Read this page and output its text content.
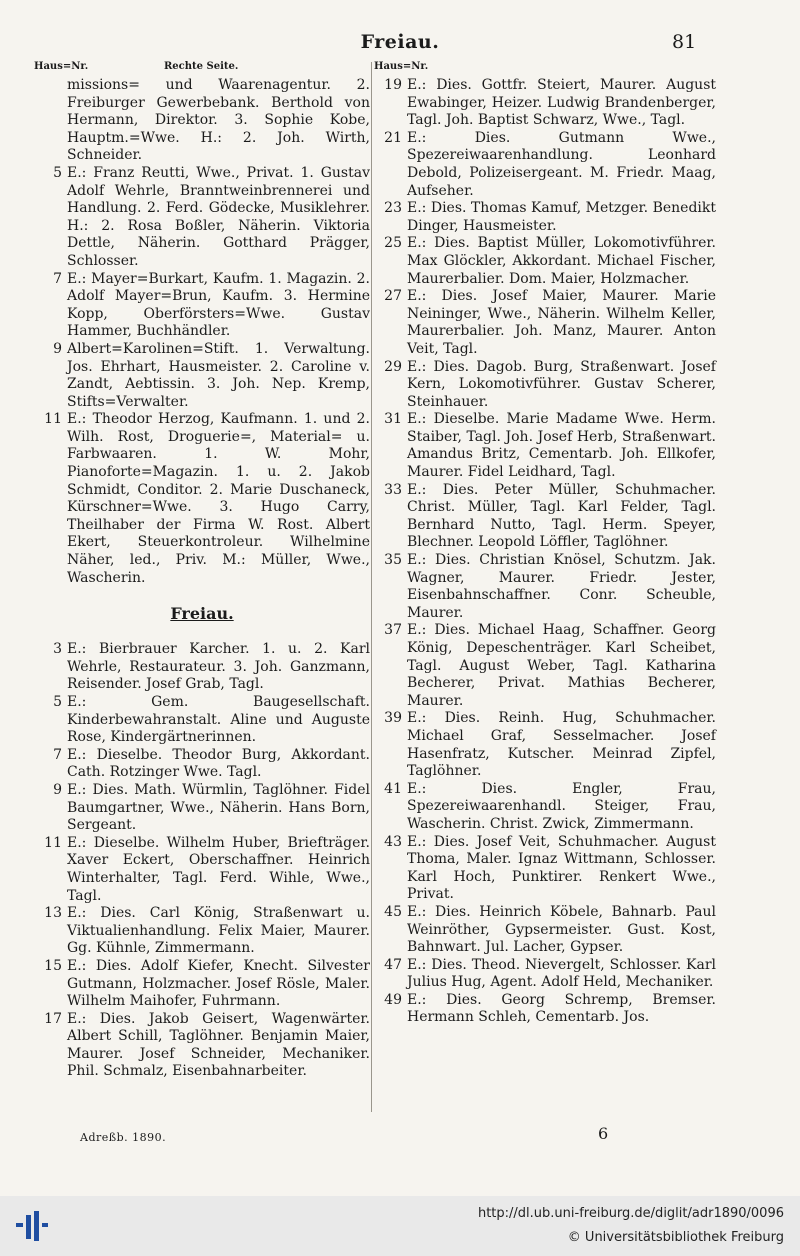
Freiau.	81
Haus=Nr.	Rechte Seite.
missions= und Waarenagentur. 2. Freiburger Gewerbebank. Berthold von Hermann, Direktor. 3. Sophie Kobe, Hauptm.=Wwe. H.: 2. Joh. Wirth, Schneider.
5 E.: Franz Reutti, Wwe., Privat. 1. Gustav Adolf Wehrle, Branntweinbrennerei und Handlung. 2. Ferd. Gödecke, Musiklehrer. H.: 2. Rosa Boßler, Näherin. Viktoria Dettle, Näherin. Gotthard Prägger, Schlosser.
7 E.: Mayer=Burkart, Kaufm. 1. Magazin. 2. Adolf Mayer=Brun, Kaufm. 3. Hermine Kopp, Oberförsters=Wwe. Gustav Hammer, Buchhändler.
9 Albert=Karolinen=Stift. 1. Verwaltung. Jos. Ehrhart, Hausmeister. 2. Caroline v. Zandt, Aebtissin. 3. Joh. Nep. Kremp, Stifts=Verwalter.
11 E.: Theodor Herzog, Kaufmann. 1. und 2. Wilh. Rost, Droguerie=, Material= u. Farbwaaren. 1. W. Mohr, Pianoforte=Magazin. 1. u. 2. Jakob Schmidt, Conditor. 2. Marie Duschaneck, Kürschner=Wwe. 3. Hugo Carry, Theilhaber der Firma W. Rost. Albert Ekert, Steuerkontroleur. Wilhelmine Näher, led., Priv. M.: Müller, Wwe., Wascherin.
Freiau.
3 E.: Bierbrauer Karcher. 1. u. 2. Karl Wehrle, Restaurateur. 3. Joh. Ganzmann, Reisender. Josef Grab, Tagl.
5 E.: Gem. Baugesellschaft. Kinderbewahranstalt. Aline und Auguste Rose, Kindergärtnerinnen.
7 E.: Dieselbe. Theodor Burg, Akkordant. Cath. Rotzinger Wwe. Tagl.
9 E.: Dies. Math. Würmlin, Taglöhner. Fidel Baumgartner, Wwe., Näherin. Hans Born, Sergeant.
11 E.: Dieselbe. Wilhelm Huber, Briefträger. Xaver Eckert, Oberschaffner. Heinrich Winterhalter, Tagl. Ferd. Wihle, Wwe., Tagl.
13 E.: Dies. Carl König, Straßenwart u. Viktualienhandlung. Felix Maier, Maurer. Gg. Kühnle, Zimmermann.
15 E.: Dies. Adolf Kiefer, Knecht. Silvester Gutmann, Holzmacher. Josef Rösle, Maler. Wilhelm Maihofer, Fuhrmann.
17 E.: Dies. Jakob Geisert, Wagenwärter. Albert Schill, Taglöhner. Benjamin Maier, Maurer. Josef Schneider, Mechaniker. Phil. Schmalz, Eisenbahnarbeiter.
Haus=Nr.
19 E.: Dies. Gottfr. Steiert, Maurer. August Ewabinger, Heizer. Ludwig Brandenberger, Tagl. Joh. Baptist Schwarz, Wwe., Tagl.
21 E.: Dies. Gutmann Wwe., Spezereiwaarenhandlung. Leonhard Debold, Polizeisergeant. M. Friedr. Maag, Aufseher.
23 E.: Dies. Thomas Kamuf, Metzger. Benedikt Dinger, Hausmeister.
25 E.: Dies. Baptist Müller, Lokomotivführer. Max Glöckler, Akkordant. Michael Fischer, Maurerbalier. Dom. Maier, Holzmacher.
27 E.: Dies. Josef Maier, Maurer. Marie Neininger, Wwe., Näherin. Wilhelm Keller, Maurerbalier. Joh. Manz, Maurer. Anton Veit, Tagl.
29 E.: Dies. Dagob. Burg, Straßenwart. Josef Kern, Lokomotivführer. Gustav Scherer, Steinhauer.
31 E.: Dieselbe. Marie Madame Wwe. Herm. Staiber, Tagl. Joh. Josef Herb, Straßenwart. Amandus Britz, Cementarb. Joh. Ellkofer, Maurer. Fidel Leidhard, Tagl.
33 E.: Dies. Peter Müller, Schuhmacher. Christ. Müller, Tagl. Karl Felder, Tagl. Bernhard Nutto, Tagl. Herm. Speyer, Blechner. Leopold Löffler, Taglöhner.
35 E.: Dies. Christian Knösel, Schutzm. Jak. Wagner, Maurer. Friedr. Jester, Eisenbahnschaffner. Conr. Scheuble, Maurer.
37 E.: Dies. Michael Haag, Schaffner. Georg König, Depeschenträger. Karl Scheibet, Tagl. August Weber, Tagl. Katharina Becherer, Privat. Mathias Becherer, Maurer.
39 E.: Dies. Reinh. Hug, Schuhmacher. Michael Graf, Sesselmacher. Josef Hasenfratz, Kutscher. Meinrad Zipfel, Taglöhner.
41 E.: Dies. Engler, Frau, Spezereiwaarenhandl. Steiger, Frau, Wascherin. Christ. Zwick, Zimmermann.
43 E.: Dies. Josef Veit, Schuhmacher. August Thoma, Maler. Ignaz Wittmann, Schlosser. Karl Hoch, Punktirer. Renkert Wwe., Privat.
45 E.: Dies. Heinrich Köbele, Bahnarb. Paul Weinröther, Gypsermeister. Gust. Kost, Bahnwart. Jul. Lacher, Gypser.
47 E.: Dies. Theod. Nievergelt, Schlosser. Karl Julius Hug, Agent. Adolf Held, Mechaniker.
49 E.: Dies. Georg Schremp, Bremser. Hermann Schleh, Cementarb. Jos.
Adreßb. 1890.	6
http://dl.ub.uni-freiburg.de/diglit/adr1890/0096
© Universitätsbibliothek Freiburg
